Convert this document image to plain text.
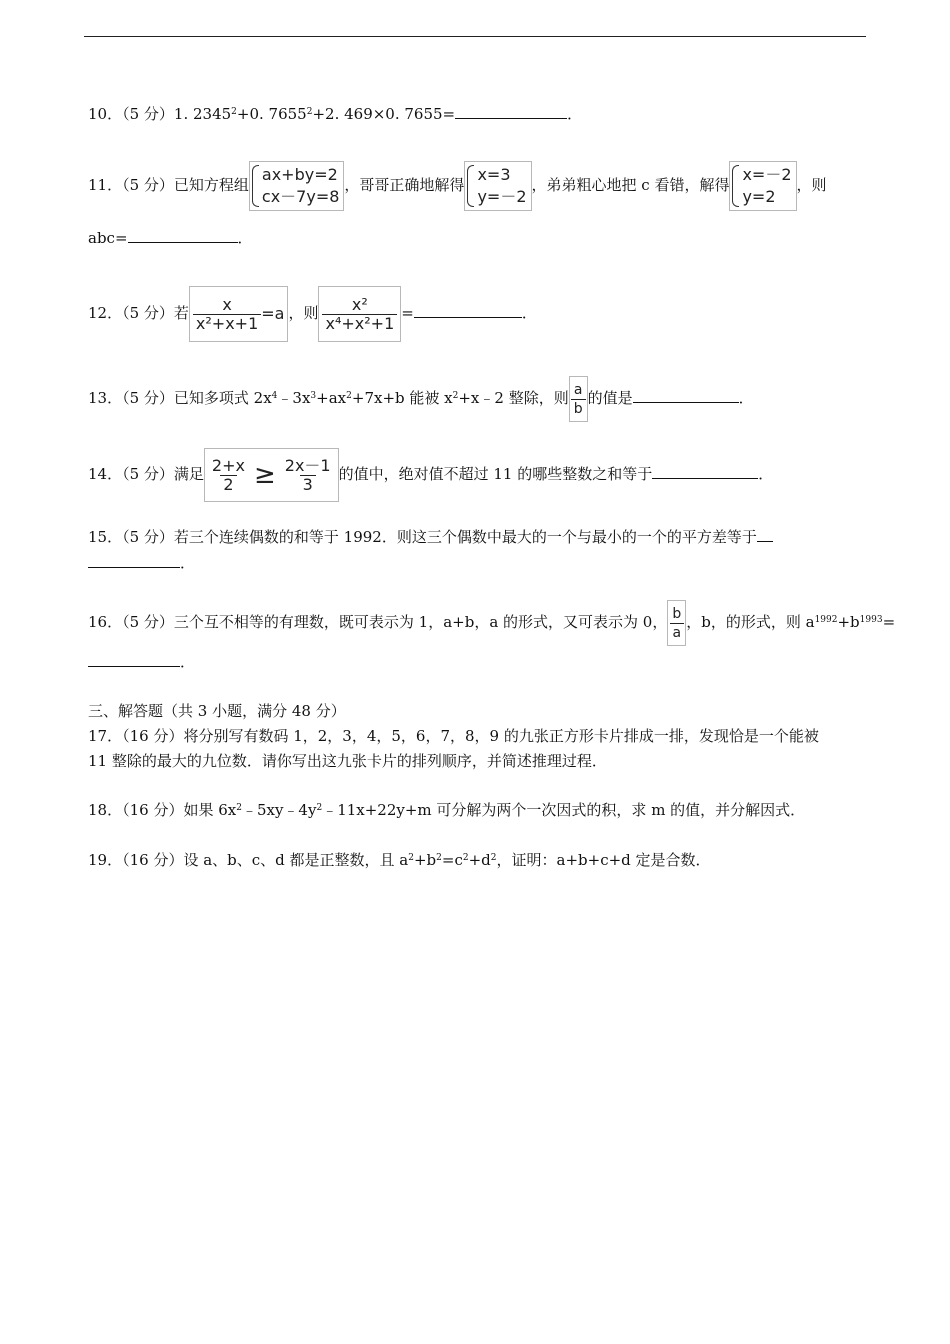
10．（5 分）1. $2345^2+0$. $7655^2+2$. 469×0. 7655=	．
11．（5 分）已知方程组
ax+by=2
cx－7y=8
，哥哥正确地解得
x=3
y=－2
，弟弟粗心地把 c 看错，解得
x=－2
y=2
，则
abc=	．
12．（5 分）若 $\frac{x}{\text{x²+x+1}} =a$ ，则 $\frac{\text{x²}}{\text{x⁴+x²+1}}$ =	．
13．（5 分）已知多项式 $2x^4﹣3x^3+ax^2+7x+b$ 能被 $x^2+x﹣2$ 整除，则 $\frac{a}{b}$ 的值是	．
14．（5 分）满足 $\frac{2+x}{2} \ge \frac{2x-1}{3}$ 的值中，绝对值不超过 11 的哪些整数之和等于	．
15．（5 分）若三个连续偶数的和等于 1992．则这三个偶数中最大的一个与最小的一个的平方差等于
．
16．（5 分）三个互不相等的有理数，既可表示为 1，a+b，a 的形式，又可表示为 0， $\frac{b}{a}$ ，b，的形式，则 $a^{1992}+b^{1993}=$
．
三、解答题（共 3 小题，满分 48 分）
17．（16 分）将分别写有数码 1，2，3，4，5，6，7，8，9 的九张正方形卡片排成一排，发现恰是一个能被
11 整除的最大的九位数．请你写出这九张卡片的排列顺序，并简述推理过程．
18．（16 分）如果 $6x^2﹣5xy﹣4y^2﹣11x+22y+m$ 可分解为两个一次因式的积，求 m 的值，并分解因式．
19．（16 分）设 a、b、c、d 都是正整数，且 $a^2+b^2=c^2+d^2$，证明：a+b+c+d 定是合数．
